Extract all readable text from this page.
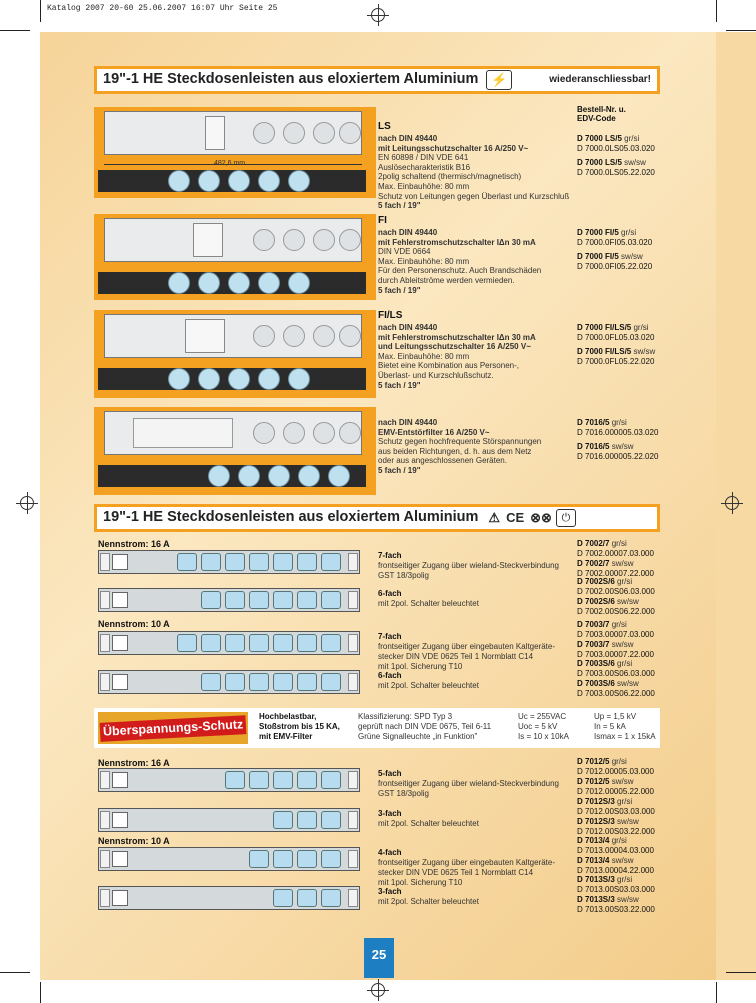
Katalog 2007 20-60 25.06.2007 16:07 Uhr Seite 25
19"-1 HE Steckdosenleisten aus eloxiertem Aluminium ⚡	wiederanschliessbar!
Bestell-Nr. u.
EDV-Code
LS
nach DIN 49440
mit Leitungsschutzschalter 16 A/250 V~
EN 60898 / DIN VDE 641
Auslösecharakteristik B16
2polig schaltend (thermisch/magnetisch)
Max. Einbauhöhe: 80 mm
Schutz von Leitungen gegen Überlast und Kurzschluß
5 fach / 19"
D 7000 LS/5 gr/si
D 7000.0LS05.03.020
D 7000 LS/5 sw/sw
D 7000.0LS05.22.020
FI
nach DIN 49440
mit Fehlerstromschutzschalter IΔn 30 mA
DIN VDE 0664
Max. Einbauhöhe: 80 mm
Für den Personenschutz. Auch Brandschäden
durch Ableitströme werden vermieden.
5 fach / 19"
D 7000 FI/5 gr/si
D 7000.0FI05.03.020
D 7000 FI/5 sw/sw
D 7000.0FI05.22.020
FI/LS
nach DIN 49440
mit Fehlerstromschutzschalter IΔn 30 mA
und Leitungsschutzschalter 16 A/250 V~
Max. Einbauhöhe: 80 mm
Bietet eine Kombination aus Personen-,
Überlast- und Kurzschlußschutz.
5 fach / 19"
D 7000 FI/LS/5 gr/si
D 7000.0FL05.03.020
D 7000 FI/LS/5 sw/sw
D 7000.0FL05.22.020
nach DIN 49440
EMV-Entstörfilter 16 A/250 V~
Schutz gegen hochfrequente Störspannungen
aus beiden Richtungen, d. h. aus dem Netz
oder aus angeschlossenen Geräten.
5 fach / 19"
D 7016/5 gr/si
D 7016.000005.03.020
D 7016/5 sw/sw
D 7016.000005.22.020
19"-1 HE Steckdosenleisten aus eloxiertem Aluminium ⚠ CE ⊗⊗ ⏻
Nennstrom: 16 A
Nennstrom: 10 A
Nennstrom: 16 A
Nennstrom: 10 A
7-fach
frontseitiger Zugang über wieland-Steckverbindung
GST 18/3polig
D 7002/7 gr/si
D 7002.00007.03.000
D 7002/7 sw/sw
D 7002.00007.22.000
6-fach
mit 2pol. Schalter beleuchtet
D 7002S/6 gr/si
D 7002.00S06.03.000
D 7002S/6 sw/sw
D 7002.00S06.22.000
7-fach
frontseitiger Zugang über eingebauten Kaltgeräte-
stecker DIN VDE 0625 Teil 1 Normblatt C14
mit 1pol. Sicherung T10
D 7003/7 gr/si
D 7003.00007.03.000
D 7003/7 sw/sw
D 7003.00007.22.000
6-fach
mit 2pol. Schalter beleuchtet
D 7003S/6 gr/si
D 7003.00S06.03.000
D 7003S/6 sw/sw
D 7003.00S06.22.000
5-fach
frontseitiger Zugang über wieland-Steckverbindung
GST 18/3polig
D 7012/5 gr/si
D 7012.00005.03.000
D 7012/5 sw/sw
D 7012.00005.22.000
3-fach
mit 2pol. Schalter beleuchtet
D 7012S/3 gr/si
D 7012.00S03.03.000
D 7012S/3 sw/sw
D 7012.00S03.22.000
4-fach
frontseitiger Zugang über eingebauten Kaltgeräte-
stecker DIN VDE 0625 Teil 1 Normblatt C14
mit 1pol. Sicherung T10
D 7013/4 gr/si
D 7013.00004.03.000
D 7013/4 sw/sw
D 7013.00004.22.000
3-fach
mit 2pol. Schalter beleuchtet
D 7013S/3 gr/si
D 7013.00S03.03.000
D 7013S/3 sw/sw
D 7013.00S03.22.000
Überspannungs-Schutz
Hochbelastbar,
Stoßstrom bis 15 KA,
mit EMV-Filter
Klassifizierung: SPD Typ 3
geprüft nach DIN VDE 0675, Teil 6-11
Grüne Signalleuchte „in Funktion"
Uc = 255VAC
Uoc = 5 kV
Is = 10 x 10kA
Up = 1,5 kV
In = 5 kA
Ismax = 1 x 15kA
25
